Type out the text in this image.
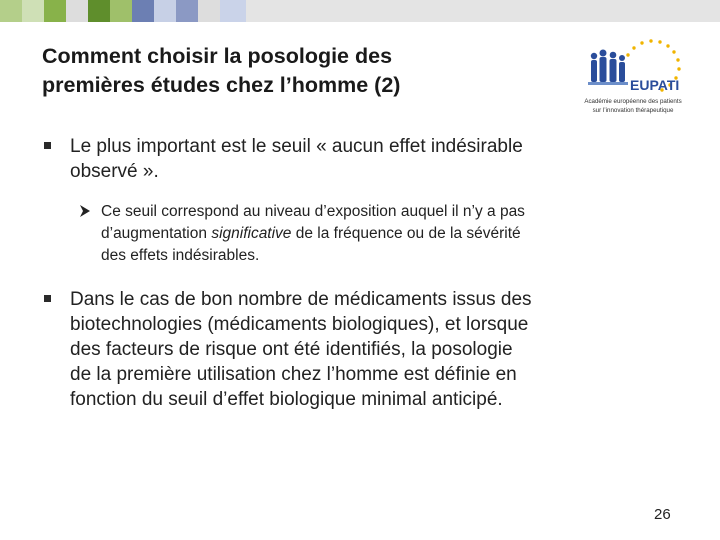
Comment choisir la posologie des
premières études chez l’homme (2)	EUPATI
Académie européenne des patients
sur l’innovation thérapeutique
Le plus important est le seuil « aucun effet indésirable
observé ».
Ce seuil correspond au niveau d’exposition auquel il n’y a pas
d’augmentation significative de la fréquence ou de la sévérité
des effets indésirables.
Dans le cas de bon nombre de médicaments issus des
biotechnologies (médicaments biologiques), et lorsque
des facteurs de risque ont été identifiés, la posologie
de la première utilisation chez l’homme est définie en
fonction du seuil d’effet biologique minimal anticipé.
26
